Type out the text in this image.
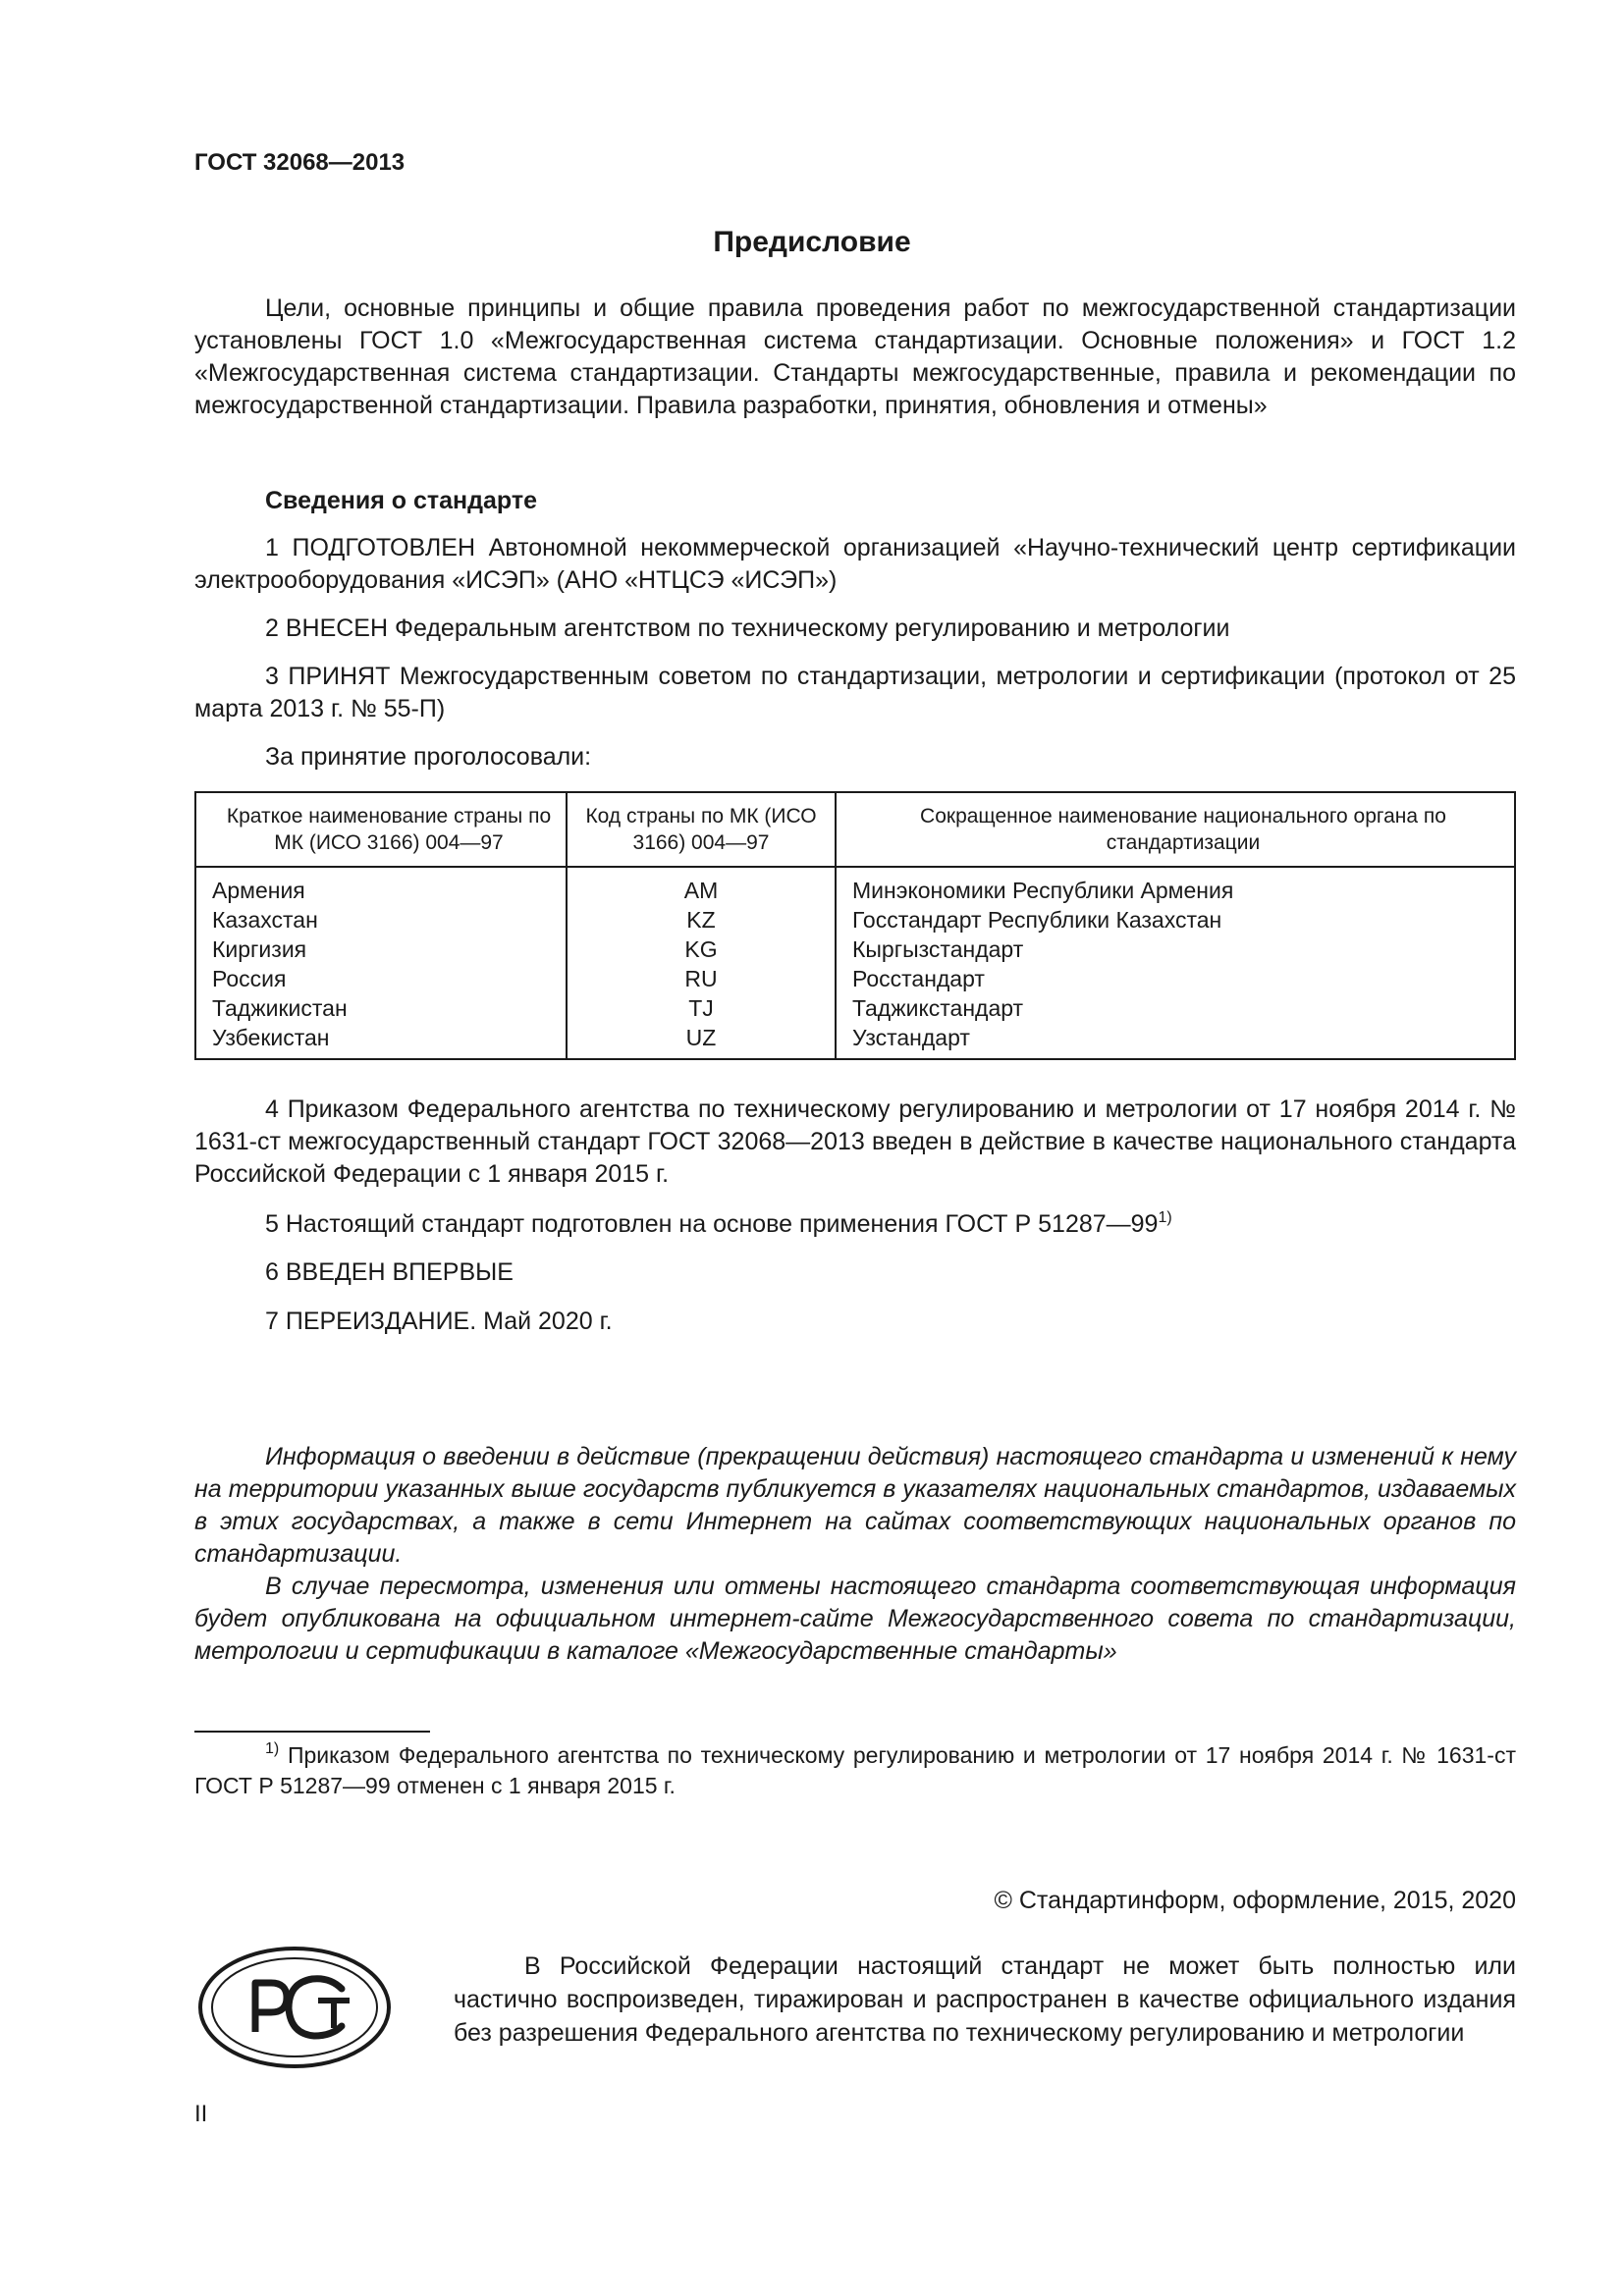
ГОСТ 32068—2013
Предисловие

Цели, основные принципы и общие правила проведения работ по межгосударственной стандартизации установлены ГОСТ 1.0 «Межгосударственная система стандартизации. Основные положения» и ГОСТ 1.2 «Межгосударственная система стандартизации. Стандарты межгосударственные, правила и рекомендации по межгосударственной стандартизации. Правила разработки, принятия, обновления и отмены»

Сведения о стандарте

1 ПОДГОТОВЛЕН Автономной некоммерческой организацией «Научно-технический центр сертификации электрооборудования «ИСЭП» (АНО «НТЦСЭ «ИСЭП»)

2 ВНЕСЕН Федеральным агентством по техническому регулированию и метрологии

3 ПРИНЯТ Межгосударственным советом по стандартизации, метрологии и сертификации (протокол от 25 марта 2013 г. № 55-П)

За принятие проголосовали:

Краткое наименование страны по МК (ИСО 3166) 004—97	Код страны по МК (ИСО 3166) 004—97	Сокращенное наименование национального органа по стандартизации
Армения	AM	Минэкономики Республики Армения
Казахстан	KZ	Госстандарт Республики Казахстан
Киргизия	KG	Кыргызстандарт
Россия	RU	Росстандарт
Таджикистан	TJ	Таджикстандарт
Узбекистан	UZ	Узстандарт

4 Приказом Федерального агентства по техническому регулированию и метрологии от 17 ноября 2014 г. № 1631-ст межгосударственный стандарт ГОСТ 32068—2013 введен в действие в качестве национального стандарта Российской Федерации с 1 января 2015 г.

5 Настоящий стандарт подготовлен на основе применения ГОСТ Р 51287—99$^{1)}$

6 ВВЕДЕН ВПЕРВЫЕ

7 ПЕРЕИЗДАНИЕ. Май 2020 г.

Информация о введении в действие (прекращении действия) настоящего стандарта и изменений к нему на территории указанных выше государств публикуется в указателях национальных стандартов, издаваемых в этих государствах, а также в сети Интернет на сайтах соответствующих национальных органов по стандартизации.

В случае пересмотра, изменения или отмены настоящего стандарта соответствующая информация будет опубликована на официальном интернет-сайте Межгосударственного совета по стандартизации, метрологии и сертификации в каталоге «Межгосударственные стандарты»

$^{1)}$ Приказом Федерального агентства по техническому регулированию и метрологии от 17 ноября 2014 г. № 1631-ст ГОСТ Р 51287—99 отменен с 1 января 2015 г.

© Стандартинформ, оформление, 2015, 2020

В Российской Федерации настоящий стандарт не может быть полностью или частично воспроизведен, тиражирован и распространен в качестве официального издания без разрешения Федерального агентства по техническому регулированию и метрологии

II
